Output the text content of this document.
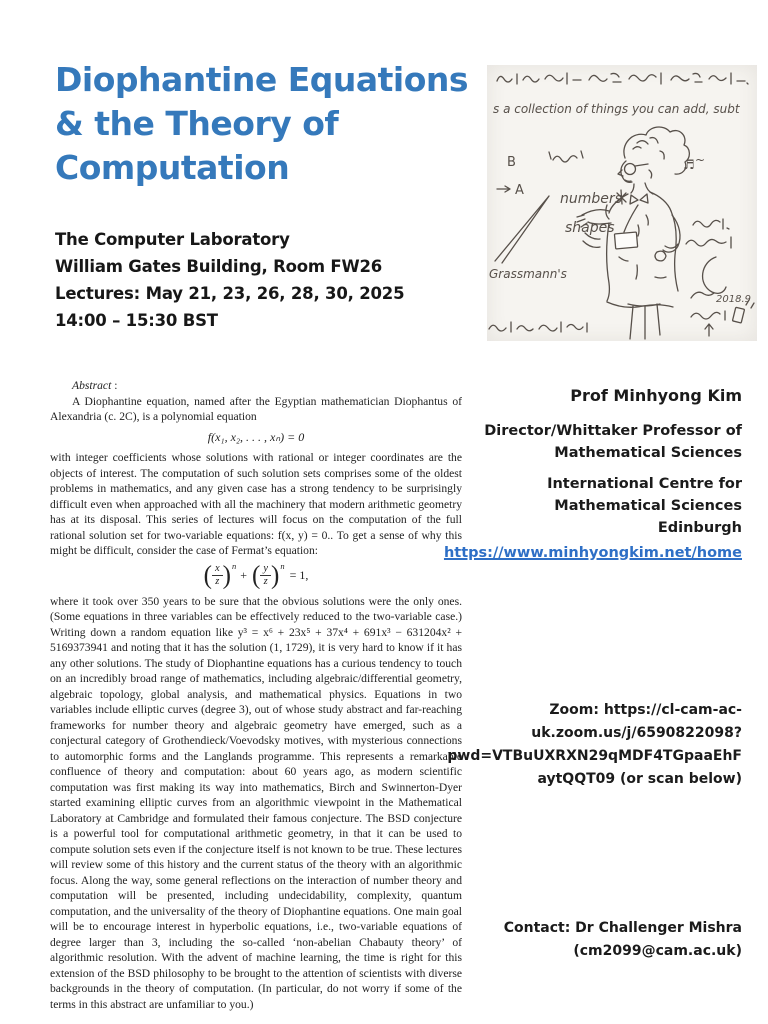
Diophantine Equations
& the Theory of
Computation
The Computer Laboratory
William Gates Building, Room FW26
Lectures: May 21, 23, 26, 28, 30, 2025
14:00 – 15:30 BST
s a collection of things you can add, subt
B
A
numbers
shapes
Grassmann's
♬ ~
2018.9
Abstract :

A Diophantine equation, named after the Egyptian mathematician Diophantus of Alexandria (c. 2C), is a polynomial equation

f(x₁, x₂, . . . , xₙ) = 0

with integer coefficients whose solutions with rational or integer coordinates are the objects of interest. The computation of such solution sets comprises some of the oldest problems in mathematics, and any given case has a strong tendency to be surprisingly difficult even when approached with all the machinery that modern arithmetic geometry has at its disposal. This series of lectures will focus on the computation of the full rational solution set for two-variable equations: f(x, y) = 0.. To get a sense of why this might be difficult, consider the case of Fermat’s equation:

( $\frac{x}{z}$ ) n
+ ( $\frac{y}{z}$ ) n
= 1,

where it took over 350 years to be sure that the obvious solutions were the only ones. (Some equations in three variables can be effectively reduced to the two-variable case.) Writing down a random equation like y³ = x⁶ + 23x⁵ + 37x⁴ + 691x³ − 631204x² + 5169373941 and noting that it has the solution (1, 1729), it is very hard to know if it has any other solutions. The study of Diophantine equations has a curious tendency to touch on an incredibly broad range of mathematics, including algebraic/differential geometry, algebraic topology, global analysis, and mathematical physics. Equations in two variables include elliptic curves (degree 3), out of whose study abstract and far-reaching frameworks for number theory and algebraic geometry have emerged, such as a conjectural category of Grothendieck/Voevodsky motives, with mysterious connections to automorphic forms and the Langlands programme. This represents a remarkable confluence of theory and computation: about 60 years ago, as modern scientific computation was first making its way into mathematics, Birch and Swinnerton-Dyer started examining elliptic curves from an algorithmic viewpoint in the Mathematical Laboratory at Cambridge and formulated their famous conjecture. The BSD conjecture is a powerful tool for computational arithmetic geometry, in that it can be used to compute solution sets even if the conjecture itself is not known to be true. These lectures will review some of this history and the current status of the theory with an algorithmic focus. Along the way, some general reflections on the interaction of number theory and computation will be presented, including undecidability, complexity, quantum computation, and the universality of the theory of Diophantine equations. One main goal will be to encourage interest in hyperbolic equations, i.e., two-variable equations of degree larger than 3, including the so-called ‘non-abelian Chabauty theory’ of algorithmic resolution. With the advent of machine learning, the time is right for this extension of the BSD philosophy to be brought to the attention of scientists with diverse backgrounds in the theory of computation. (In particular, do not worry if some of the terms in this abstract are unfamiliar to you.)

Prof Minhyong Kim
Director/Whittaker Professor of
Mathematical Sciences
International Centre for
Mathematical Sciences
Edinburgh
https://www.minhyongkim.net/home
Zoom: https://cl-cam-ac-
uk.zoom.us/j/6590822098?
pwd=VTBuUXRXN29qMDF4TGpaaEhF
aytQQT09 (or scan below)
Contact: Dr Challenger Mishra
(cm2099@cam.ac.uk)
